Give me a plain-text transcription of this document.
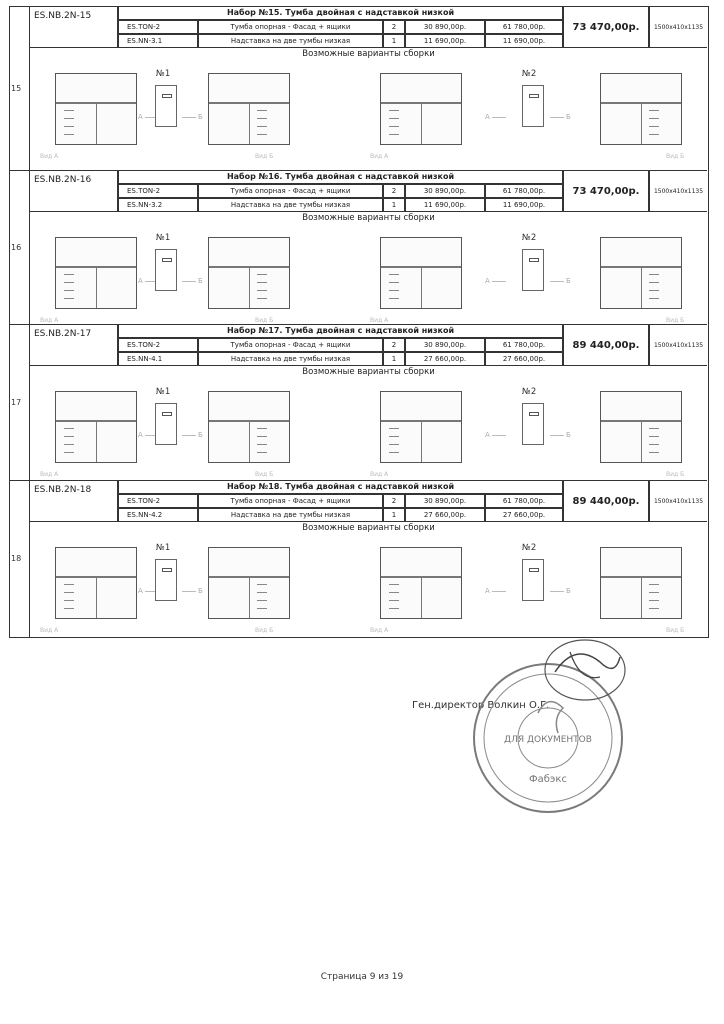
15
ES.NB.2N-15	Набор №15. Тумба двойная с надставкой низкой
ES.TON-2	Тумба опорная - Фасад + ящики	2	30 890,00р.	61 780,00р.
ES.NN-3.1	Надставка на две тумбы низкая	1	11 690,00р.	11 690,00р.
73 470,00р.	1500x410x1135
Возможные варианты сборки
A
№1
Б
Вид А	Вид Б
A
№2
Б
Вид А	Вид Б
16
ES.NB.2N-16	Набор №16. Тумба двойная с надставкой низкой
ES.TON-2	Тумба опорная - Фасад + ящики	2	30 890,00р.	61 780,00р.
ES.NN-3.2	Надставка на две тумбы низкая	1	11 690,00р.	11 690,00р.
73 470,00р.	1500x410x1135
Возможные варианты сборки
A
№1
Б
Вид А	Вид Б
A
№2
Б
Вид А	Вид Б
17
ES.NB.2N-17	Набор №17. Тумба двойная с надставкой низкой
ES.TON-2	Тумба опорная - Фасад + ящики	2	30 890,00р.	61 780,00р.
ES.NN-4.1	Надставка на две тумбы низкая	1	27 660,00р.	27 660,00р.
89 440,00р.	1500x410x1135
Возможные варианты сборки
A
№1
Б
Вид А	Вид Б
A
№2
Б
Вид А	Вид Б
18
ES.NB.2N-18	Набор №18. Тумба двойная с надставкой низкой
ES.TON-2	Тумба опорная - Фасад + ящики	2	30 890,00р.	61 780,00р.
ES.NN-4.2	Надставка на две тумбы низкая	1	27 660,00р.	27 660,00р.
89 440,00р.	1500x410x1135
Возможные варианты сборки
A
№1
Б
Вид А	Вид Б
A
№2
Б
Вид А	Вид Б
Ген.директор Волкин О.Г.
ДЛЯ ДОКУМЕНТОВ
Фабэкс
Страница 9 из 19
